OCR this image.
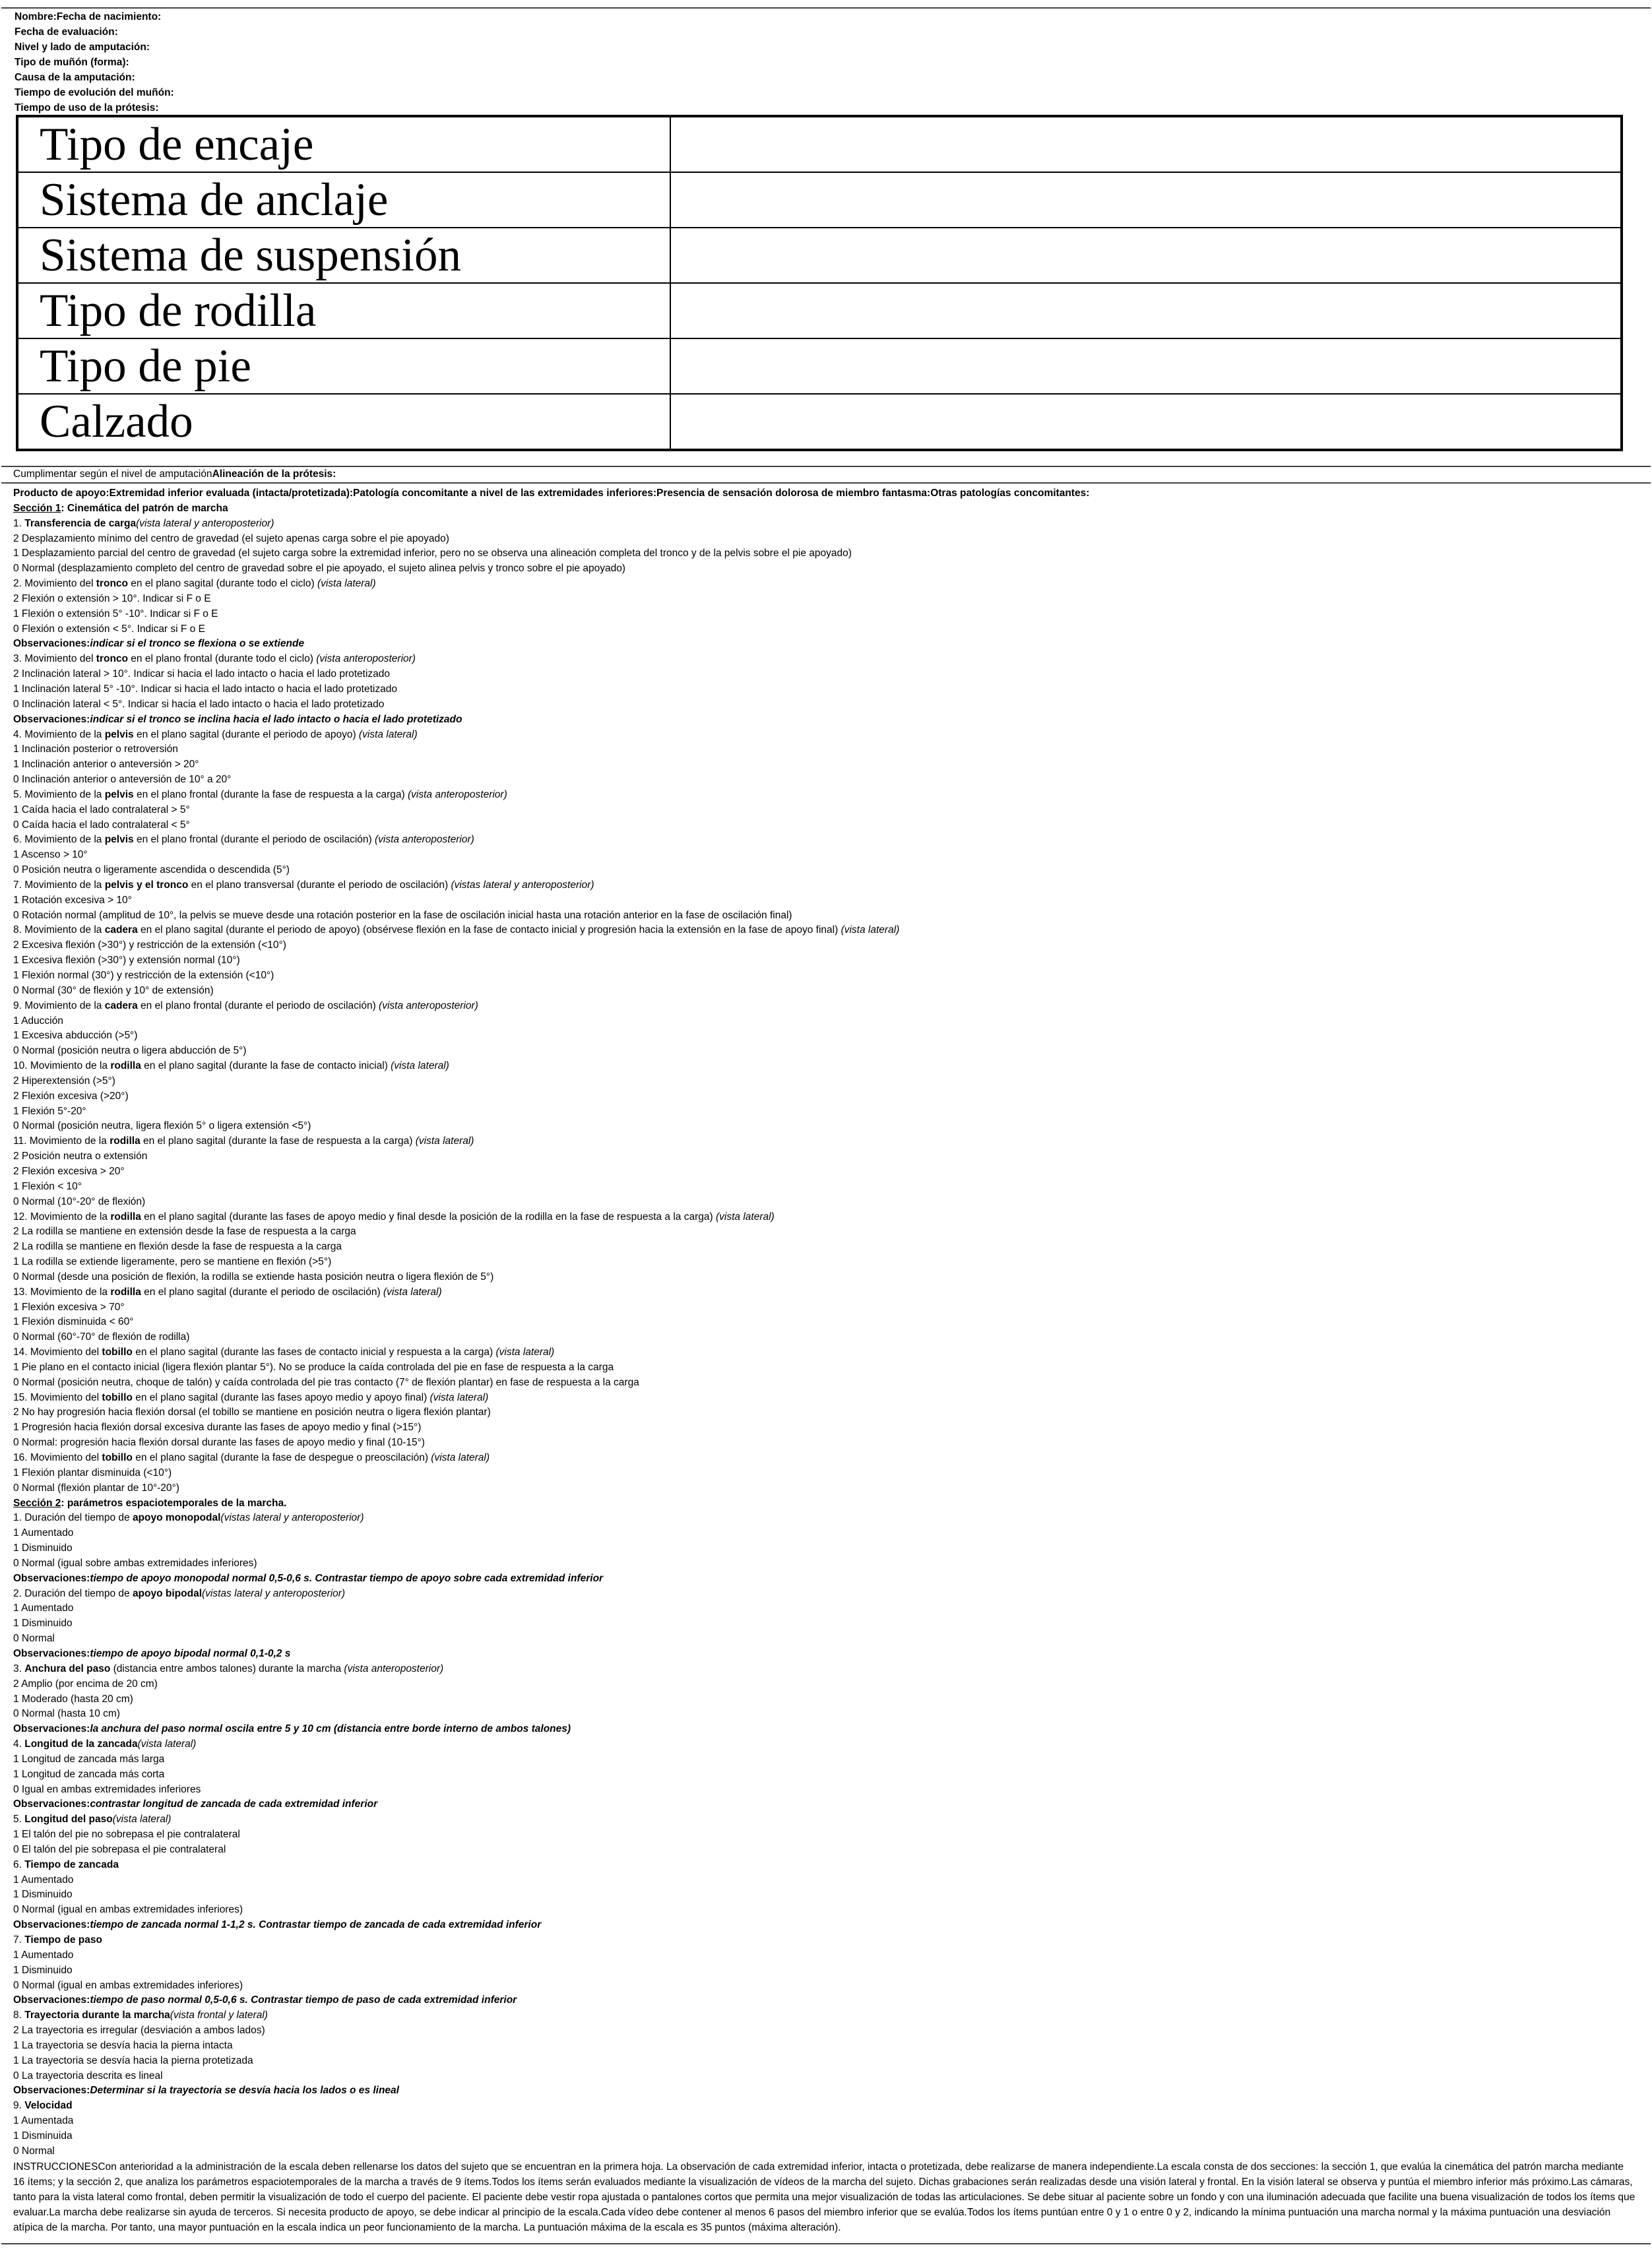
Nombre:Fecha de nacimiento:
Fecha de evaluación:
Nivel y lado de amputación:
Tipo de muñón (forma):
Causa de la amputación:
Tiempo de evolución del muñón:
Tiempo de uso de la prótesis:
Tipo de encaje	
Sistema de anclaje	
Sistema de suspensión	
Tipo de rodilla	
Tipo de pie	
Calzado	
Cumplimentar según el nivel de amputaciónAlineación de la prótesis:
Producto de apoyo:Extremidad inferior evaluada (intacta/protetizada):Patología concomitante a nivel de las extremidades inferiores:Presencia de sensación dolorosa de miembro fantasma:Otras patologías concomitantes:
Sección 1: Cinemática del patrón de marcha
1. Transferencia de carga(vista lateral y anteroposterior)
2 Desplazamiento mínimo del centro de gravedad (el sujeto apenas carga sobre el pie apoyado)
1 Desplazamiento parcial del centro de gravedad (el sujeto carga sobre la extremidad inferior, pero no se observa una alineación completa del tronco y de la pelvis sobre el pie apoyado)
0 Normal (desplazamiento completo del centro de gravedad sobre el pie apoyado, el sujeto alinea pelvis y tronco sobre el pie apoyado)
2. Movimiento del tronco en el plano sagital (durante todo el ciclo) (vista lateral)
2 Flexión o extensión > 10°. Indicar si F o E
1 Flexión o extensión 5° -10°. Indicar si F o E
0 Flexión o extensión < 5°. Indicar si F o E
Observaciones:indicar si el tronco se flexiona o se extiende
3. Movimiento del tronco en el plano frontal (durante todo el ciclo) (vista anteroposterior)
2 Inclinación lateral > 10°. Indicar si hacia el lado intacto o hacia el lado protetizado
1 Inclinación lateral 5° -10°. Indicar si hacia el lado intacto o hacia el lado protetizado
0 Inclinación lateral < 5°. Indicar si hacia el lado intacto o hacia el lado protetizado
Observaciones:indicar si el tronco se inclina hacia el lado intacto o hacia el lado protetizado
4. Movimiento de la pelvis en el plano sagital (durante el periodo de apoyo) (vista lateral)
1 Inclinación posterior o retroversión
1 Inclinación anterior o anteversión > 20°
0 Inclinación anterior o anteversión de 10° a 20°
5. Movimiento de la pelvis en el plano frontal (durante la fase de respuesta a la carga) (vista anteroposterior)
1 Caída hacia el lado contralateral > 5°
0 Caída hacia el lado contralateral < 5°
6. Movimiento de la pelvis en el plano frontal (durante el periodo de oscilación) (vista anteroposterior)
1 Ascenso > 10°
0 Posición neutra o ligeramente ascendida o descendida (5°)
7. Movimiento de la pelvis y el tronco en el plano transversal (durante el periodo de oscilación) (vistas lateral y anteroposterior)
1 Rotación excesiva > 10°
0 Rotación normal (amplitud de 10°, la pelvis se mueve desde una rotación posterior en la fase de oscilación inicial hasta una rotación anterior en la fase de oscilación final)
8. Movimiento de la cadera en el plano sagital (durante el periodo de apoyo) (obsérvese flexión en la fase de contacto inicial y progresión hacia la extensión en la fase de apoyo final) (vista lateral)
2 Excesiva flexión (>30°) y restricción de la extensión (<10°)
1 Excesiva flexión (>30°) y extensión normal (10°)
1 Flexión normal (30°) y restricción de la extensión (<10°)
0 Normal (30° de flexión y 10° de extensión)
9. Movimiento de la cadera en el plano frontal (durante el periodo de oscilación) (vista anteroposterior)
1 Aducción
1 Excesiva abducción (>5°)
0 Normal (posición neutra o ligera abducción de 5°)
10. Movimiento de la rodilla en el plano sagital (durante la fase de contacto inicial) (vista lateral)
2 Hiperextensión (>5°)
2 Flexión excesiva (>20°)
1 Flexión 5°-20°
0 Normal (posición neutra, ligera flexión 5° o ligera extensión <5°)
11. Movimiento de la rodilla en el plano sagital (durante la fase de respuesta a la carga) (vista lateral)
2 Posición neutra o extensión
2 Flexión excesiva > 20°
1 Flexión < 10°
0 Normal (10°-20° de flexión)
12. Movimiento de la rodilla en el plano sagital (durante las fases de apoyo medio y final desde la posición de la rodilla en la fase de respuesta a la carga) (vista lateral)
2 La rodilla se mantiene en extensión desde la fase de respuesta a la carga
2 La rodilla se mantiene en flexión desde la fase de respuesta a la carga
1 La rodilla se extiende ligeramente, pero se mantiene en flexión (>5°)
0 Normal (desde una posición de flexión, la rodilla se extiende hasta posición neutra o ligera flexión de 5°)
13. Movimiento de la rodilla en el plano sagital (durante el periodo de oscilación) (vista lateral)
1 Flexión excesiva > 70°
1 Flexión disminuida < 60°
0 Normal (60°-70° de flexión de rodilla)
14. Movimiento del tobillo en el plano sagital (durante las fases de contacto inicial y respuesta a la carga) (vista lateral)
1 Pie plano en el contacto inicial (ligera flexión plantar 5°). No se produce la caída controlada del pie en fase de respuesta a la carga
0 Normal (posición neutra, choque de talón) y caída controlada del pie tras contacto (7° de flexión plantar) en fase de respuesta a la carga
15. Movimiento del tobillo en el plano sagital (durante las fases apoyo medio y apoyo final) (vista lateral)
2 No hay progresión hacia flexión dorsal (el tobillo se mantiene en posición neutra o ligera flexión plantar)
1 Progresión hacia flexión dorsal excesiva durante las fases de apoyo medio y final (>15°)
0 Normal: progresión hacia flexión dorsal durante las fases de apoyo medio y final (10-15°)
16. Movimiento del tobillo en el plano sagital (durante la fase de despegue o preoscilación) (vista lateral)
1 Flexión plantar disminuida (<10°)
0 Normal (flexión plantar de 10°-20°)
Sección 2: parámetros espaciotemporales de la marcha.
1. Duración del tiempo de apoyo monopodal(vistas lateral y anteroposterior)
1 Aumentado
1 Disminuido
0 Normal (igual sobre ambas extremidades inferiores)
Observaciones:tiempo de apoyo monopodal normal 0,5-0,6 s. Contrastar tiempo de apoyo sobre cada extremidad inferior
2. Duración del tiempo de apoyo bipodal(vistas lateral y anteroposterior)
1 Aumentado
1 Disminuido
0 Normal
Observaciones:tiempo de apoyo bipodal normal 0,1-0,2 s
3. Anchura del paso (distancia entre ambos talones) durante la marcha (vista anteroposterior)
2 Amplio (por encima de 20 cm)
1 Moderado (hasta 20 cm)
0 Normal (hasta 10 cm)
Observaciones:la anchura del paso normal oscila entre 5 y 10 cm (distancia entre borde interno de ambos talones)
4. Longitud de la zancada(vista lateral)
1 Longitud de zancada más larga
1 Longitud de zancada más corta
0 Igual en ambas extremidades inferiores
Observaciones:contrastar longitud de zancada de cada extremidad inferior
5. Longitud del paso(vista lateral)
1 El talón del pie no sobrepasa el pie contralateral
0 El talón del pie sobrepasa el pie contralateral
6. Tiempo de zancada
1 Aumentado
1 Disminuido
0 Normal (igual en ambas extremidades inferiores)
Observaciones:tiempo de zancada normal 1-1,2 s. Contrastar tiempo de zancada de cada extremidad inferior
7. Tiempo de paso
1 Aumentado
1 Disminuido
0 Normal (igual en ambas extremidades inferiores)
Observaciones:tiempo de paso normal 0,5-0,6 s. Contrastar tiempo de paso de cada extremidad inferior
8. Trayectoria durante la marcha(vista frontal y lateral)
2 La trayectoria es irregular (desviación a ambos lados)
1 La trayectoria se desvía hacia la pierna intacta
1 La trayectoria se desvía hacia la pierna protetizada
0 La trayectoria descrita es lineal
Observaciones:Determinar si la trayectoria se desvía hacia los lados o es lineal
9. Velocidad
1 Aumentada
1 Disminuida
0 Normal
INSTRUCCIONESCon anterioridad a la administración de la escala deben rellenarse los datos del sujeto que se encuentran en la primera hoja. La observación de cada extremidad inferior, intacta o protetizada, debe realizarse de manera independiente.La escala consta de dos secciones: la sección 1, que evalúa la cinemática del patrón marcha mediante 16 ítems; y la sección 2, que analiza los parámetros espaciotemporales de la marcha a través de 9 ítems.Todos los ítems serán evaluados mediante la visualización de vídeos de la marcha del sujeto. Dichas grabaciones serán realizadas desde una visión lateral y frontal. En la visión lateral se observa y puntúa el miembro inferior más próximo.Las cámaras, tanto para la vista lateral como frontal, deben permitir la visualización de todo el cuerpo del paciente. El paciente debe vestir ropa ajustada o pantalones cortos que permita una mejor visualización de todas las articulaciones. Se debe situar al paciente sobre un fondo y con una iluminación adecuada que facilite una buena visualización de todos los ítems que evaluar.La marcha debe realizarse sin ayuda de terceros. Si necesita producto de apoyo, se debe indicar al principio de la escala.Cada vídeo debe contener al menos 6 pasos del miembro inferior que se evalúa.Todos los ítems puntúan entre 0 y 1 o entre 0 y 2, indicando la mínima puntuación una marcha normal y la máxima puntuación una desviación atípica de la marcha. Por tanto, una mayor puntuación en la escala indica un peor funcionamiento de la marcha. La puntuación máxima de la escala es 35 puntos (máxima alteración).
